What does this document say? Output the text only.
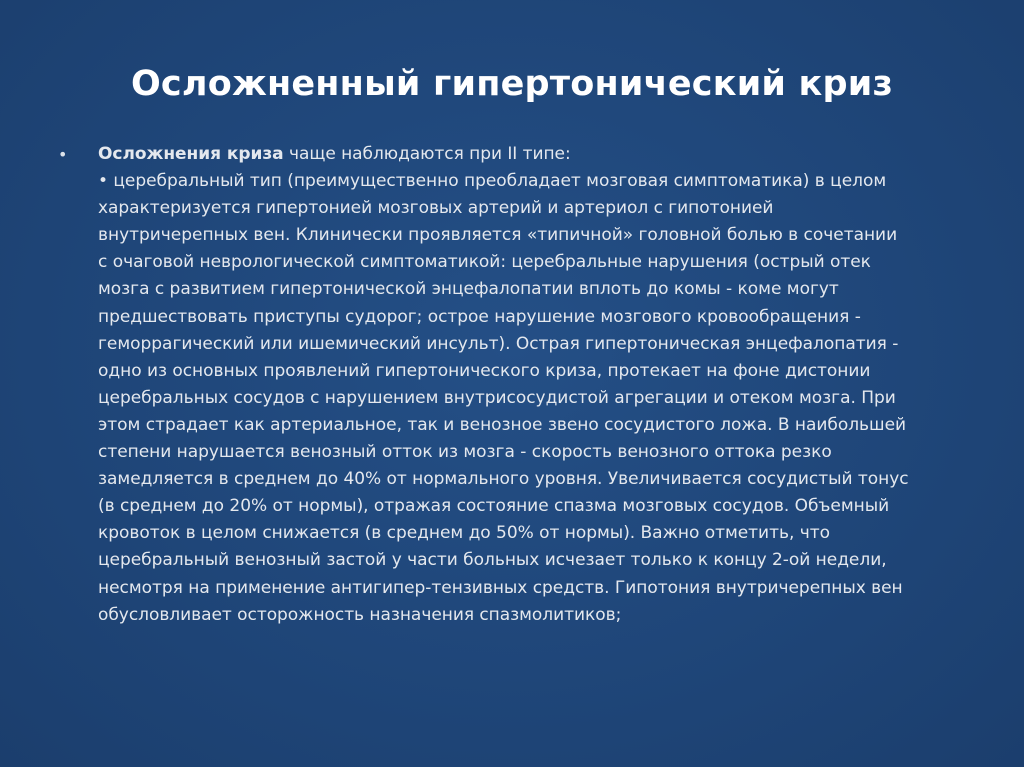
Осложненный гипертонический криз
• Осложнения криза чаще наблюдаются при II типе:
• церебральный тип (преимущественно преобладает мозговая симптоматика) в целом
характеризуется гипертонией мозговых артерий и артериол с гипотонией
внутричерепных вен. Клинически проявляется «типичной» головной болью в сочетании
с очаговой неврологической симптоматикой: церебральные нарушения (острый отек
мозга с развитием гипертонической энцефалопатии вплоть до комы - коме могут
предшествовать приступы судорог; острое нарушение мозгового кровообращения -
геморрагический или ишемический инсульт). Острая гипертоническая энцефалопатия -
одно из основных проявлений гипертонического криза, протекает на фоне дистонии
церебральных сосудов с нарушением внутрисосудистой агрегации и отеком мозга. При
этом страдает как артериальное, так и венозное звено сосудистого ложа. В наибольшей
степени нарушается венозный отток из мозга - скорость венозного оттока резко
замедляется в среднем до 40% от нормального уровня. Увеличивается сосудистый тонус
(в среднем до 20% от нормы), отражая состояние спазма мозговых сосудов. Объемный
кровоток в целом снижается (в среднем до 50% от нормы). Важно отметить, что
церебральный венозный застой у части больных исчезает только к концу 2-ой недели,
несмотря на применение антигипер-тензивных средств. Гипотония внутричерепных вен
обусловливает осторожность назначения спазмолитиков;
